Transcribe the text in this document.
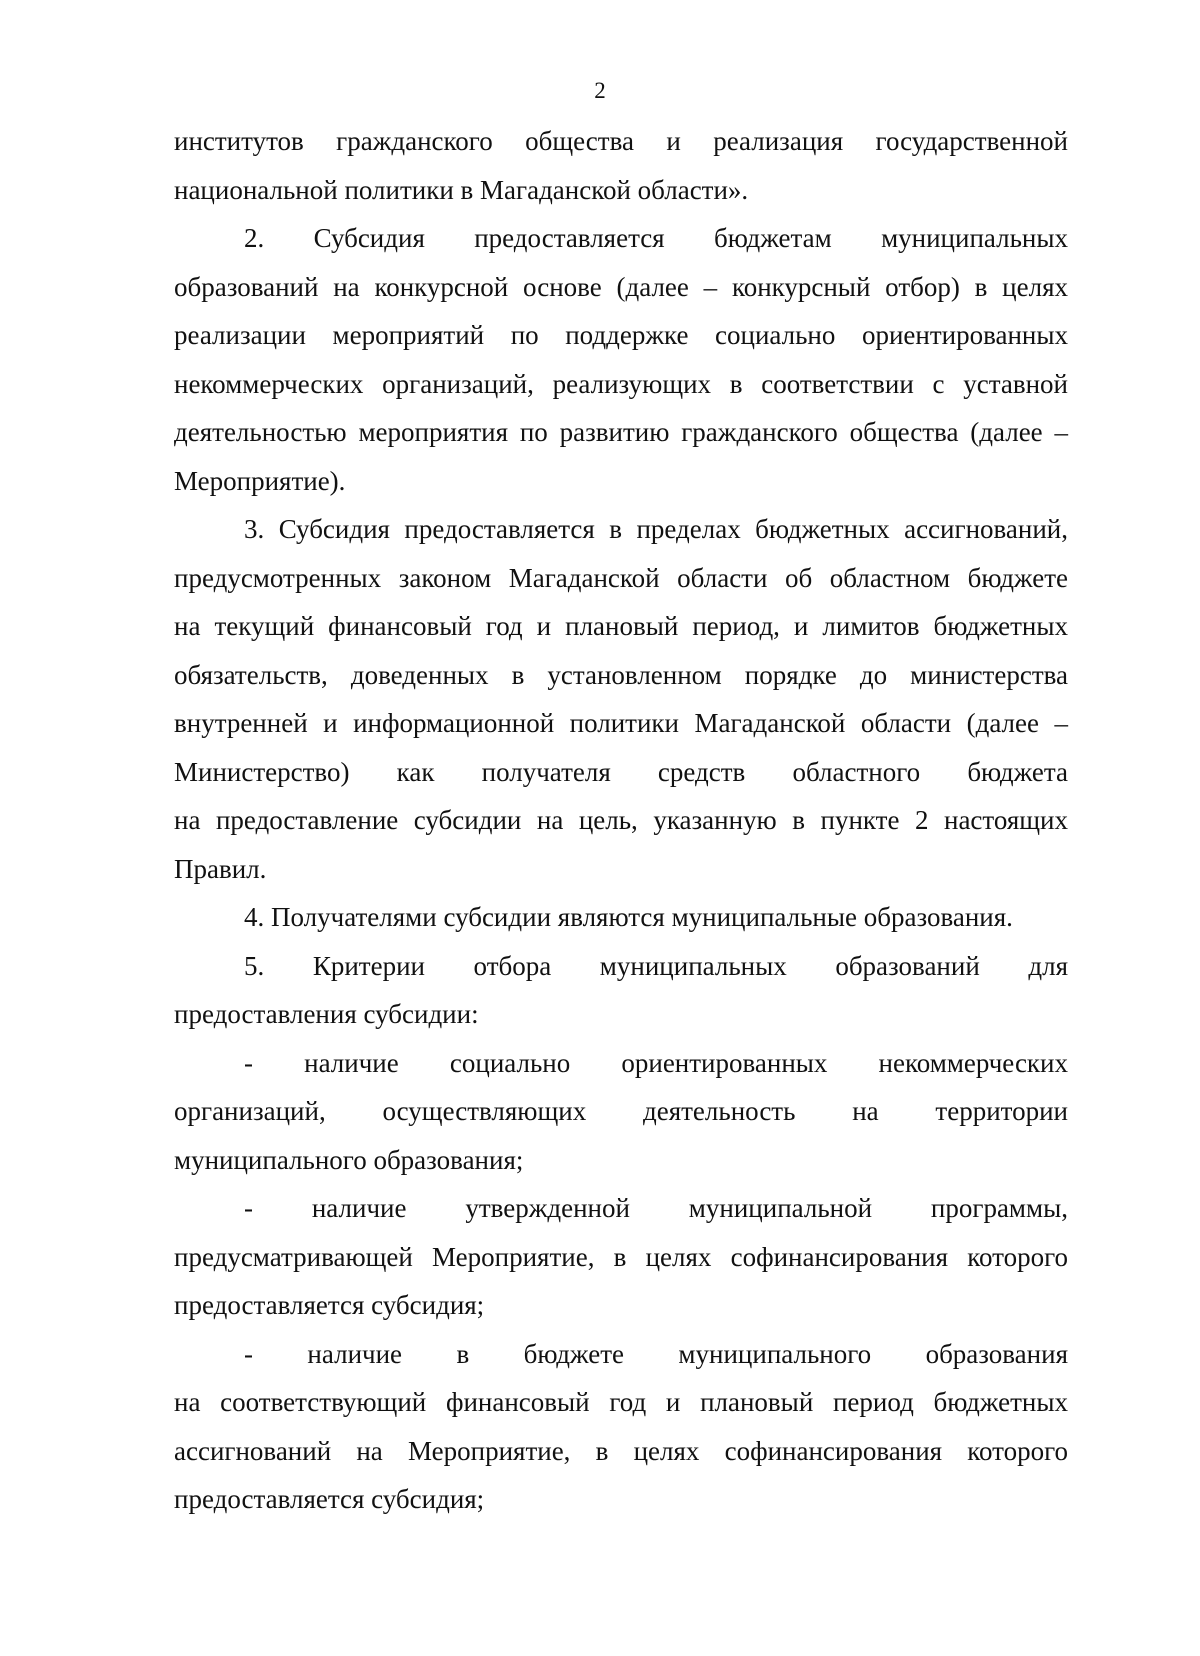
2
институтов гражданского общества и реализация государственной
национальной политики в Магаданской области».
2. Субсидия предоставляется бюджетам муниципальных
образований на конкурсной основе (далее – конкурсный отбор) в целях
реализации мероприятий по поддержке социально ориентированных
некоммерческих организаций, реализующих в соответствии с уставной
деятельностью мероприятия по развитию гражданского общества (далее –
Мероприятие).
3. Субсидия предоставляется в пределах бюджетных ассигнований,
предусмотренных законом Магаданской области об областном бюджете
на текущий финансовый год и плановый период, и лимитов бюджетных
обязательств, доведенных в установленном порядке до министерства
внутренней и информационной политики Магаданской области (далее –
Министерство) как получателя средств областного бюджета
на предоставление субсидии на цель, указанную в пункте 2 настоящих
Правил.
4. Получателями субсидии являются муниципальные образования.
5. Критерии отбора муниципальных образований для
предоставления субсидии:
- наличие социально ориентированных некоммерческих
организаций, осуществляющих деятельность на территории
муниципального образования;
- наличие утвержденной муниципальной программы,
предусматривающей Мероприятие, в целях софинансирования которого
предоставляется субсидия;
- наличие в бюджете муниципального образования
на соответствующий финансовый год и плановый период бюджетных
ассигнований на Мероприятие, в целях софинансирования которого
предоставляется субсидия;
